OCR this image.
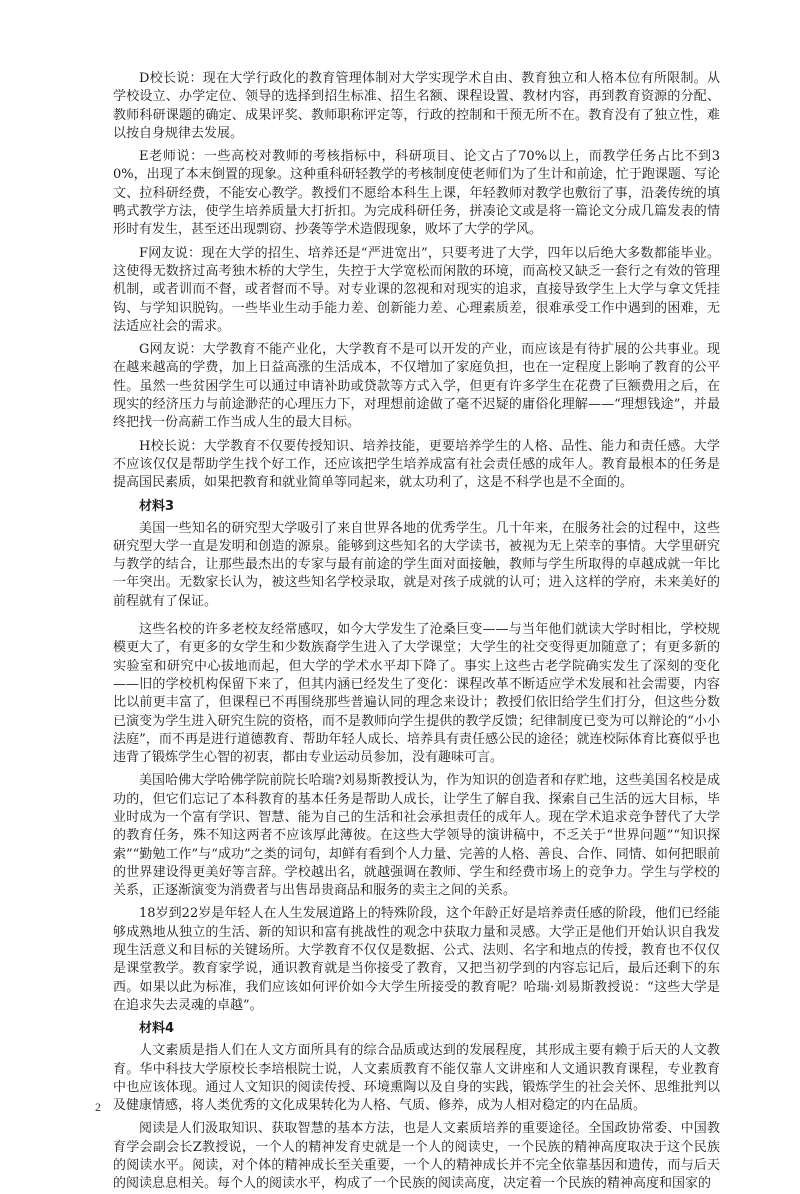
D校长说：现在大学行政化的教育管理体制对大学实现学术自由、教育独立和人格本位有所限制。从学校设立、办学定位、领导的选择到招生标准、招生名额、课程设置、教材内容，再到教育资源的分配、教师科研课题的确定、成果评奖、教师职称评定等，行政的控制和干预无所不在。教育没有了独立性，难以按自身规律去发展。

E老师说：一些高校对教师的考核指标中，科研项目、论文占了70%以上，而教学任务占比不到30%，出现了本末倒置的现象。这种重科研轻教学的考核制度使老师们为了生计和前途，忙于跑课题、写论文、拉科研经费，不能安心教学。教授们不愿给本科生上课，年轻教师对教学也敷衍了事，沿袭传统的填鸭式教学方法，使学生培养质量大打折扣。为完成科研任务，拼凑论文或是将一篇论文分成几篇发表的情形时有发生，甚至还出现剽窃、抄袭等学术造假现象，败坏了大学的学风。

F网友说：现在大学的招生、培养还是“严进宽出”，只要考进了大学，四年以后绝大多数都能毕业。这使得无数挤过高考独木桥的大学生，失控于大学宽松而闲散的环境，而高校又缺乏一套行之有效的管理机制，或者训而不督，或者督而不导。对专业课的忽视和对现实的追求，直接导致学生上大学与拿文凭挂钩、与学知识脱钩。一些毕业生动手能力差、创新能力差、心理素质差，很难承受工作中遇到的困难，无法适应社会的需求。

G网友说：大学教育不能产业化，大学教育不是可以开发的产业，而应该是有待扩展的公共事业。现在越来越高的学费，加上日益高涨的生活成本，不仅增加了家庭负担，也在一定程度上影响了教育的公平性。虽然一些贫困学生可以通过申请补助或贷款等方式入学，但更有许多学生在花费了巨额费用之后，在现实的经济压力与前途渺茫的心理压力下，对理想前途做了毫不迟疑的庸俗化理解——“理想钱途”，并最终把找一份高薪工作当成人生的最大目标。

H校长说：大学教育不仅要传授知识、培养技能，更要培养学生的人格、品性、能力和责任感。大学不应该仅仅是帮助学生找个好工作，还应该把学生培养成富有社会责任感的成年人。教育最根本的任务是提高国民素质，如果把教育和就业简单等同起来，就太功利了，这是不科学也是不全面的。

材料3

美国一些知名的研究型大学吸引了来自世界各地的优秀学生。几十年来，在服务社会的过程中，这些研究型大学一直是发明和创造的源泉。能够到这些知名的大学读书，被视为无上荣幸的事情。大学里研究与教学的结合，让那些最杰出的专家与最有前途的学生面对面接触，教师与学生所取得的卓越成就一年比一年突出。无数家长认为，被这些知名学校录取，就是对孩子成就的认可；进入这样的学府，未来美好的前程就有了保证。

这些名校的许多老校友经常感叹，如今大学发生了沧桑巨变——与当年他们就读大学时相比，学校规模更大了，有更多的女学生和少数族裔学生进入了大学课堂；大学生的社交变得更加随意了；有更多新的实验室和研究中心拔地而起，但大学的学术水平却下降了。事实上这些古老学院确实发生了深刻的变化——旧的学校机构保留下来了，但其内涵已经发生了变化：课程改革不断适应学术发展和社会需要，内容比以前更丰富了，但课程已不再围绕那些普遍认同的理念来设计；教授们依旧给学生们打分，但这些分数已演变为学生进入研究生院的资格，而不是教师向学生提供的教学反馈；纪律制度已变为可以辩论的“小小法庭”，而不再是进行道德教育、帮助年轻人成长、培养具有责任感公民的途径；就连校际体育比赛似乎也违背了锻炼学生心智的初衷，都由专业运动员参加，没有趣味可言。

美国哈佛大学哈佛学院前院长哈瑞?刘易斯教授认为，作为知识的创造者和存贮地，这些美国名校是成功的，但它们忘记了本科教育的基本任务是帮助人成长，让学生了解自我、探索自己生活的远大目标，毕业时成为一个富有学识、智慧、能为自己的生活和社会承担责任的成年人。现在学术追求竞争替代了大学的教育任务，殊不知这两者不应该厚此薄彼。在这些大学领导的演讲稿中，不乏关于“世界问题”“知识探索”“勤勉工作”与“成功”之类的词句，却鲜有看到个人力量、完善的人格、善良、合作、同情、如何把眼前的世界建设得更美好等言辞。学校越出名，就越强调在教师、学生和经费市场上的竞争力。学生与学校的关系，正逐渐演变为消费者与出售昂贵商品和服务的卖主之间的关系。

18岁到22岁是年轻人在人生发展道路上的特殊阶段，这个年龄正好是培养责任感的阶段，他们已经能够成熟地从独立的生活、新的知识和富有挑战性的观念中获取力量和灵感。大学正是他们开始认识自我发现生活意义和目标的关键场所。大学教育不仅仅是数据、公式、法则、名字和地点的传授，教育也不仅仅是课堂教学。教育家学说，通识教育就是当你接受了教育，又把当初学到的内容忘记后，最后还剩下的东西。如果以此为标准，我们应该如何评价如今大学生所接受的教育呢？哈瑞·刘易斯教授说：“这些大学是在追求失去灵魂的卓越”。

材料4

人文素质是指人们在人文方面所具有的综合品质或达到的发展程度，其形成主要有赖于后天的人文教育。华中科技大学原校长李培根院士说，人文素质教育不能仅靠人文讲座和人文通识教育课程，专业教育中也应该体现。通过人文知识的阅读传授、环境熏陶以及自身的实践，锻炼学生的社会关怀、思维批判以及健康情感，将人类优秀的文化成果转化为人格、气质、修养，成为人相对稳定的内在品质。

阅读是人们汲取知识、获取智慧的基本方法，也是人文素质培养的重要途径。全国政协常委、中国教育学会副会长Z教授说，一个人的精神发育史就是一个人的阅读史，一个民族的精神高度取决于这个民族的阅读水平。阅读，对个体的精神成长至关重要，一个人的精神成长并不完全依靠基因和遗传，而与后天的阅读息息相关。每个人的阅读水平，构成了一个民族的阅读高度，决定着一个民族的精神高度和国家的

2
